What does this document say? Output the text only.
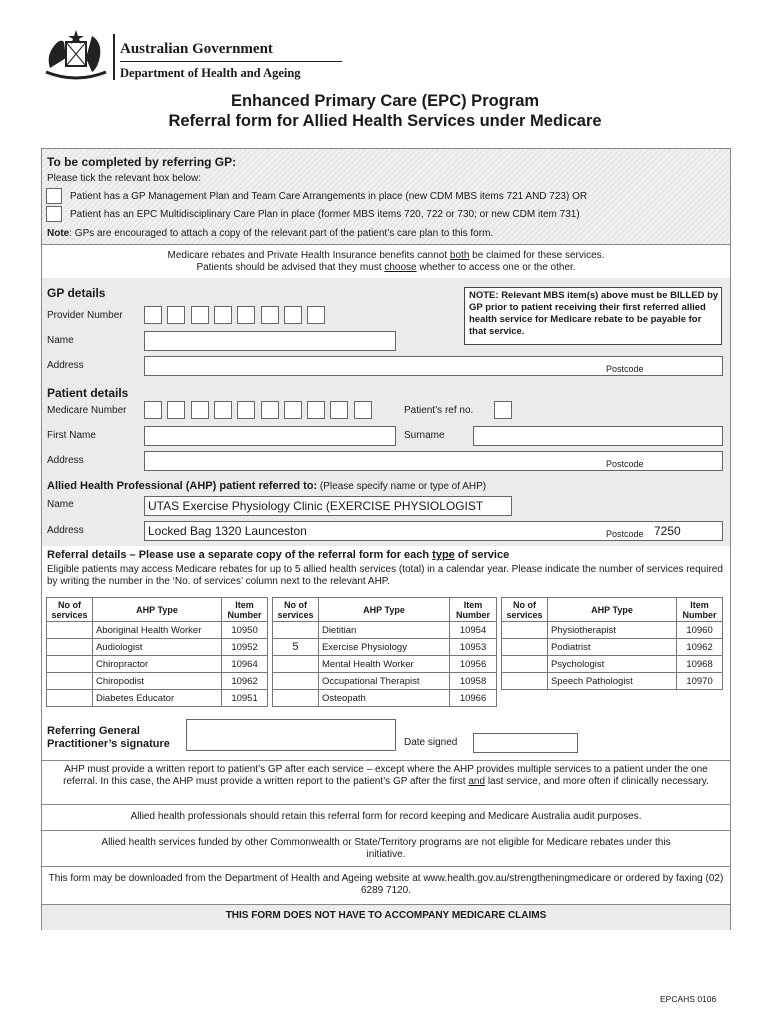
Australian Government
Department of Health and Ageing
Enhanced Primary Care (EPC) Program
Referral form for Allied Health Services under Medicare
To be completed by referring GP:
Please tick the relevant box below:
Patient has a GP Management Plan and Team Care Arrangements in place (new CDM MBS items 721 AND 723) OR
Patient has an EPC Multidisciplinary Care Plan in place (former MBS items 720, 722 or 730; or new CDM item 731)
Note: GPs are encouraged to attach a copy of the relevant part of the patient’s care plan to this form.
Medicare rebates and Private Health Insurance benefits cannot both be claimed for these services.
Patients should be advised that they must choose whether to access one or the other.
GP details
Provider Number
Name
Address	Postcode
NOTE: Relevant MBS item(s) above must be BILLED by GP prior to patient receiving their first referred allied health service for Medicare rebate to be payable for that service.
Patient details
Medicare Number	Patient’s ref no.
First Name	Surname
Address	Postcode
Allied Health Professional (AHP) patient referred to: (Please specify name or type of AHP)
Name	UTAS Exercise Physiology Clinic (EXERCISE PHYSIOLOGIST
Address	Locked Bag 1320 Launceston	Postcode 7250
Referral details – Please use a separate copy of the referral form for each type of service
Eligible patients may access Medicare rebates for up to 5 allied health services (total) in a calendar year. Please indicate the number of services required by writing the number in the ‘No. of services’ column next to the relevant AHP.
No of services	AHP Type	Item Number
	Aboriginal Health Worker	10950
	Audiologist	10952
	Chiropractor	10964
	Chiropodist	10962
	Diabetes Educator	10951
No of services	AHP Type	Item Number
	Dietitian	10954
5	Exercise Physiology	10953
	Mental Health Worker	10956
	Occupational Therapist	10958
	Osteopath	10966
No of services	AHP Type	Item Number
	Physiotherapist	10960
	Podiatrist	10962
	Psychologist	10968
	Speech Pathologist	10970
Referring General
Practitioner’s signature	Date signed
AHP must provide a written report to patient’s GP after each service – except where the AHP provides multiple services to a patient under the one referral. In this case, the AHP must provide a written report to the patient’s GP after the first and last service, and more often if clinically necessary.
Allied health professionals should retain this referral form for record keeping and Medicare Australia audit purposes.
Allied health services funded by other Commonwealth or State/Territory programs are not eligible for Medicare rebates under this initiative.
This form may be downloaded from the Department of Health and Ageing website at www.health.gov.au/strengtheningmedicare or ordered by faxing (02) 6289 7120.
THIS FORM DOES NOT HAVE TO ACCOMPANY MEDICARE CLAIMS
EPCAHS 0106
